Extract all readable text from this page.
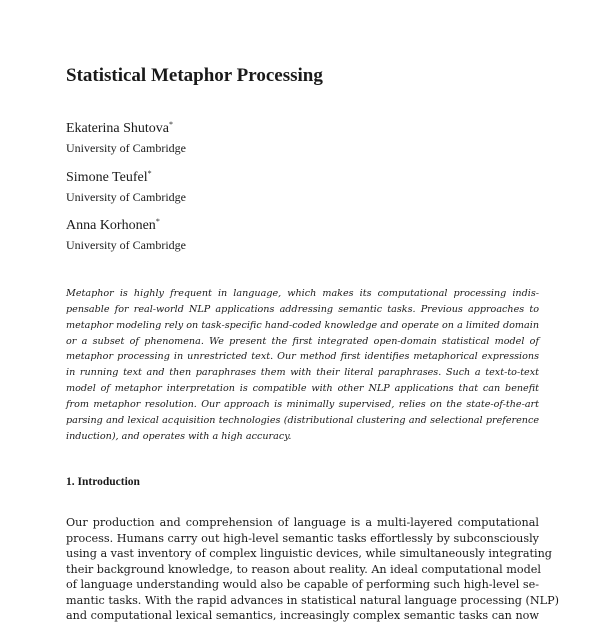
Statistical Metaphor Processing
Ekaterina Shutova*
University of Cambridge
Simone Teufel*
University of Cambridge
Anna Korhonen*
University of Cambridge
Metaphor is highly frequent in language, which makes its computational processing indis-
pensable for real-world NLP applications addressing semantic tasks. Previous approaches to
metaphor modeling rely on task-specific hand-coded knowledge and operate on a limited domain
or a subset of phenomena. We present the first integrated open-domain statistical model of
metaphor processing in unrestricted text. Our method first identifies metaphorical expressions
in running text and then paraphrases them with their literal paraphrases. Such a text-to-text
model of metaphor interpretation is compatible with other NLP applications that can benefit
from metaphor resolution. Our approach is minimally supervised, relies on the state-of-the-art
parsing and lexical acquisition technologies (distributional clustering and selectional preference
induction), and operates with a high accuracy.
1. Introduction
Our production and comprehension of language is a multi-layered computational
process. Humans carry out high-level semantic tasks effortlessly by subconsciously
using a vast inventory of complex linguistic devices, while simultaneously integrating
their background knowledge, to reason about reality. An ideal computational model
of language understanding would also be capable of performing such high-level se-
mantic tasks. With the rapid advances in statistical natural language processing (NLP)
and computational lexical semantics, increasingly complex semantic tasks can now
